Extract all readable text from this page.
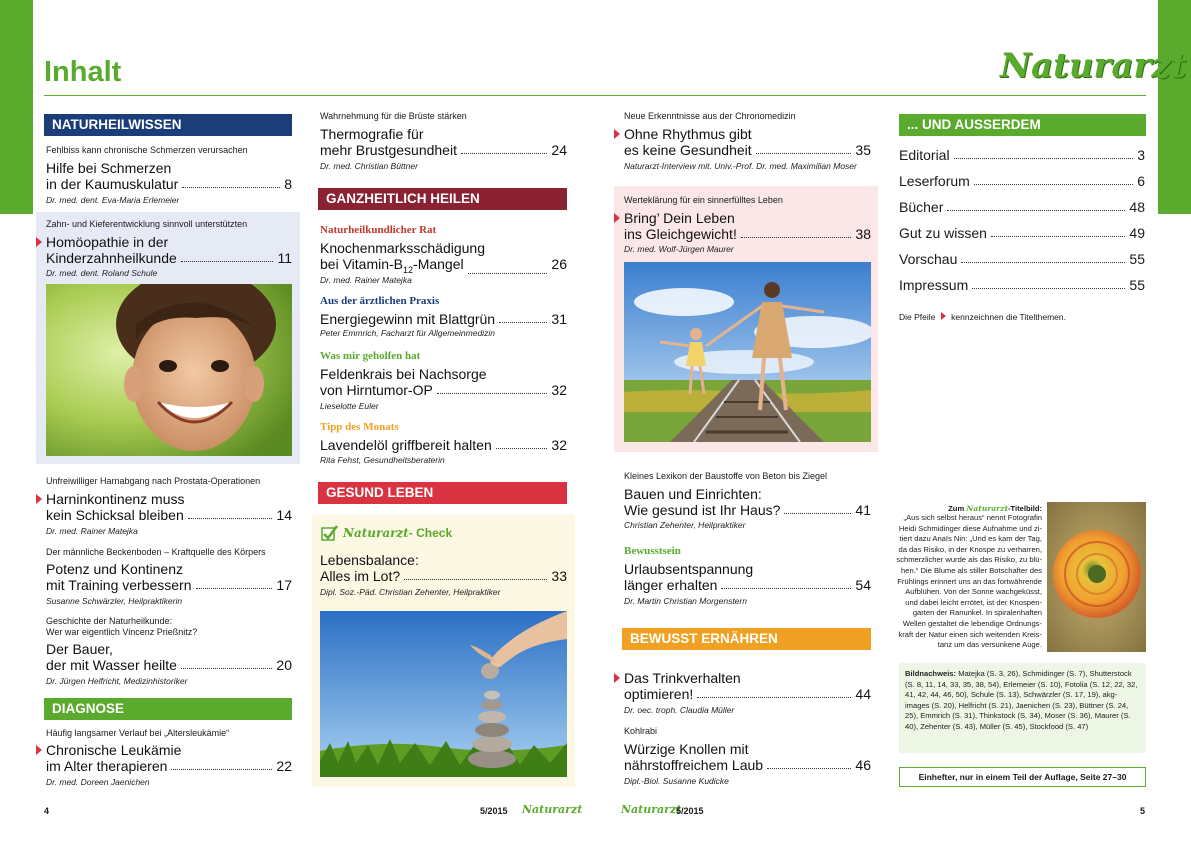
Inhalt	Naturarzt
NATURHEILWISSEN
Fehlbiss kann chronische Schmerzen verursachen
Hilfe bei Schmerzen
in der Kaumuskulatur	8
Dr. med. dent. Eva-Maria Erlemeier
Zahn- und Kieferentwicklung sinnvoll unterstützten
Homöopathie in der
Kinderzahnheilkunde	11
Dr. med. dent. Roland Schule
Unfreiwilliger Harnabgang nach Prostata-Operationen
Harninkontinenz muss
kein Schicksal bleiben	14
Dr. med. Rainer Matejka
Der männliche Beckenboden – Kraftquelle des Körpers
Potenz und Kontinenz
mit Training verbessern	17
Susanne Schwärzler, Heilpraktikerin
Geschichte der Naturheilkunde:
Wer war eigentlich Vincenz Prießnitz?
Der Bauer,
der mit Wasser heilte	20
Dr. Jürgen Helfricht, Medizinhistoriker
DIAGNOSE
Häufig langsamer Verlauf bei „Altersleukämie“
Chronische Leukämie
im Alter therapieren	22
Dr. med. Doreen Jaenichen
Wahrnehmung für die Brüste stärken
Thermografie für
mehr Brustgesundheit	24
Dr. med. Christian Büttner
GANZHEITLICH HEILEN
Naturheilkundlicher Rat
Knochenmarksschädigung
bei Vitamin-$B_{12}$-Mangel	26
Dr. med. Rainer Matejka
Aus der ärztlichen Praxis
Energiegewinn mit Blattgrün	31
Peter Emmrich, Facharzt für Allgemeinmedizin
Was mir geholfen hat
Feldenkrais bei Nachsorge
von Hirntumor-OP	32
Lieselotte Euler
Tipp des Monats
Lavendelöl griffbereit halten	32
Rita Fehst, Gesundheitsberaterin
GESUND LEBEN
Naturarzt- Check
Lebensbalance:
Alles im Lot?	33
Dipl. Soz.-Päd. Christian Zehenter, Heilpraktiker
Neue Erkenntnisse aus der Chronomedizin
Ohne Rhythmus gibt
es keine Gesundheit	35
Naturarzt-Interview mit. Univ.-Prof. Dr. med. Maximilian Moser
Werteklärung für ein sinnerfülltes Leben
Bring’ Dein Leben
ins Gleichgewicht!	38
Dr. med. Wolf-Jürgen Maurer
Kleines Lexikon der Baustoffe von Beton bis Ziegel
Bauen und Einrichten:
Wie gesund ist Ihr Haus?	41
Christian Zehenter, Heilpraktiker
Bewusstsein
Urlaubsentspannung
länger erhalten	54
Dr. Martin Christian Morgenstern
BEWUSST ERNÄHREN
Das Trinkverhalten
optimieren!	44
Dr. oec. troph. Claudia Müller
Kohlrabi
Würzige Knollen mit
nährstoffreichem Laub	46
Dipl.-Biol. Susanne Kudicke
... UND AUSSERDEM
Editorial	3
Leserforum	6
Bücher	48
Gut zu wissen	49
Vorschau	55
Impressum	55
Die Pfeile kennzeichnen die Titelthemen.
Zum Naturarzt-Titelbild:
„Aus sich selbst heraus“ nennt Fotografin
Heidi Schmidinger diese Aufnahme und zi-
tiert dazu Anaïs Nin: „Und es kam der Tag,
da das Risiko, in der Knospe zu verharren,
schmerzlicher wurde als das Risiko, zu blü-
hen.“ Die Blume als stiller Botschafter des
Frühlings erinnert uns an das fortwährende
Aufblühen. Von der Sonne wachgeküsst,
und dabei leicht errötet, ist der Knospen-
garten der Ranunkel. In spiralenhaften
Wellen gestaltet die lebendige Ordnungs-
kraft der Natur einen sich weitenden Kreis-
tanz um das versunkene Auge.
Bildnachweis: Matejka (S. 3, 26), Schmidinger (S. 7), Shutterstock (S. 8, 11, 14, 33, 35, 38, 54), Erlemeier (S. 10), Fotolia (S. 12, 22, 32, 41, 42, 44, 46, 50), Schule (S. 13), Schwärzler (S. 17, 19), akg-images (S. 20), Helfricht (S. 21), Jaenichen (S. 23), Büttner (S. 24, 25), Emmrich (S. 31), Thinkstock (S. 34), Moser (S. 36), Maurer (S. 40), Zehenter (S. 43), Müller (S. 45), Stockfood (S. 47)
Einhefter, nur in einem Teil der Auflage, Seite 27–30
4	5/2015 Naturarzt	Naturarzt
5/2015	5
